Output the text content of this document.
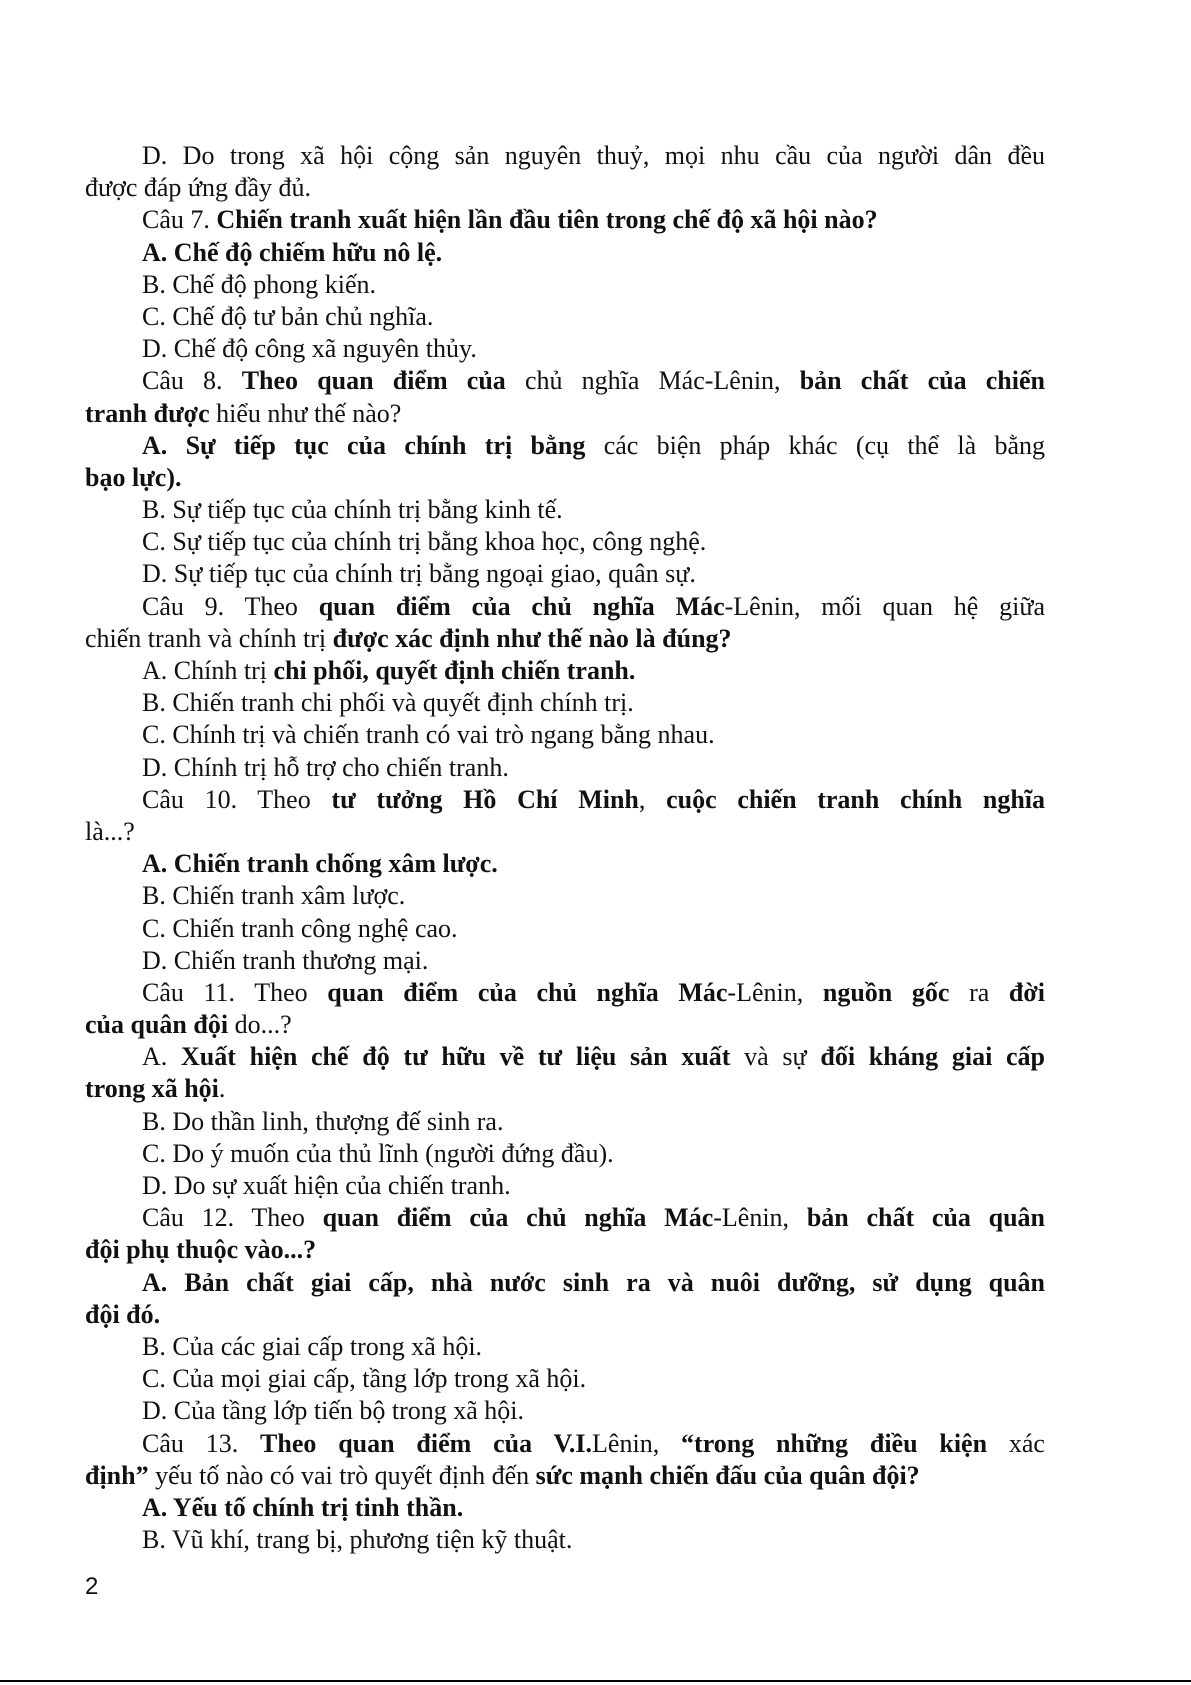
D. Do trong xã hội cộng sản nguyên thuỷ, mọi nhu cầu của người dân đều
được đáp ứng đầy đủ.
Câu 7. Chiến tranh xuất hiện lần đầu tiên trong chế độ xã hội nào?
A. Chế độ chiếm hữu nô lệ.
B. Chế độ phong kiến.
C. Chế độ tư bản chủ nghĩa.
D. Chế độ công xã nguyên thủy.
Câu 8. Theo quan điểm của chủ nghĩa Mác-Lênin, bản chất của chiến
tranh được hiểu như thế nào?
A. Sự tiếp tục của chính trị bằng các biện pháp khác (cụ thể là bằng
bạo lực).
B. Sự tiếp tục của chính trị bằng kinh tế.
C. Sự tiếp tục của chính trị bằng khoa học, công nghệ.
D. Sự tiếp tục của chính trị bằng ngoại giao, quân sự.
Câu 9. Theo quan điểm của chủ nghĩa Mác-Lênin, mối quan hệ giữa
chiến tranh và chính trị được xác định như thế nào là đúng?
A. Chính trị chi phối, quyết định chiến tranh.
B. Chiến tranh chi phối và quyết định chính trị.
C. Chính trị và chiến tranh có vai trò ngang bằng nhau.
D. Chính trị hỗ trợ cho chiến tranh.
Câu 10. Theo tư tưởng Hồ Chí Minh, cuộc chiến tranh chính nghĩa
là...?
A. Chiến tranh chống xâm lược.
B. Chiến tranh xâm lược.
C. Chiến tranh công nghệ cao.
D. Chiến tranh thương mại.
Câu 11. Theo quan điểm của chủ nghĩa Mác-Lênin, nguồn gốc ra đời
của quân đội do...?
A. Xuất hiện chế độ tư hữu về tư liệu sản xuất và sự đối kháng giai cấp
trong xã hội.
B. Do thần linh, thượng đế sinh ra.
C. Do ý muốn của thủ lĩnh (người đứng đầu).
D. Do sự xuất hiện của chiến tranh.
Câu 12. Theo quan điểm của chủ nghĩa Mác-Lênin, bản chất của quân
đội phụ thuộc vào...?
A. Bản chất giai cấp, nhà nước sinh ra và nuôi dưỡng, sử dụng quân
đội đó.
B. Của các giai cấp trong xã hội.
C. Của mọi giai cấp, tầng lớp trong xã hội.
D. Của tầng lớp tiến bộ trong xã hội.
Câu 13. Theo quan điểm của V.I.Lênin, “trong những điều kiện xác
định” yếu tố nào có vai trò quyết định đến sức mạnh chiến đấu của quân đội?
A. Yếu tố chính trị tinh thần.
B. Vũ khí, trang bị, phương tiện kỹ thuật.
2
